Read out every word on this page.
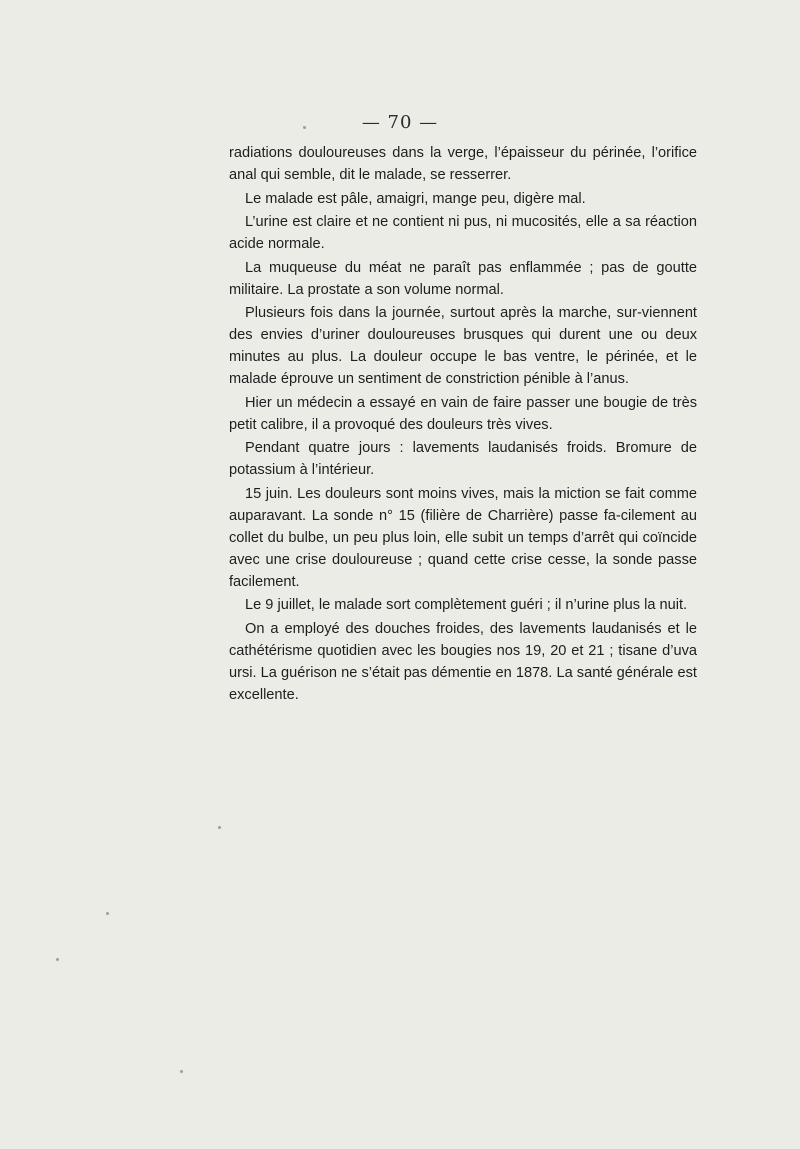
— 70 —

radiations douloureuses dans la verge, l’épaisseur du périnée, l’orifice anal qui semble, dit le malade, se resserrer.

Le malade est pâle, amaigri, mange peu, digère mal.

L’urine est claire et ne contient ni pus, ni mucosités, elle a sa réaction acide normale.

La muqueuse du méat ne paraît pas enflammée ; pas de goutte militaire. La prostate a son volume normal.

Plusieurs fois dans la journée, surtout après la marche, sur-viennent des envies d’uriner douloureuses brusques qui durent une ou deux minutes au plus. La douleur occupe le bas ventre, le périnée, et le malade éprouve un sentiment de constriction pénible à l’anus.

Hier un médecin a essayé en vain de faire passer une bougie de très petit calibre, il a provoqué des douleurs très vives.

Pendant quatre jours : lavements laudanisés froids. Bromure de potassium à l’intérieur.

15 juin. Les douleurs sont moins vives, mais la miction se fait comme auparavant. La sonde n° 15 (filière de Charrière) passe fa-cilement au collet du bulbe, un peu plus loin, elle subit un temps d’arrêt qui coïncide avec une crise douloureuse ; quand cette crise cesse, la sonde passe facilement.

Le 9 juillet, le malade sort complètement guéri ; il n’urine plus la nuit.

On a employé des douches froides, des lavements laudanisés et le cathétérisme quotidien avec les bougies nos 19, 20 et 21 ; tisane d’uva ursi. La guérison ne s’était pas démentie en 1878. La santé générale est excellente.
